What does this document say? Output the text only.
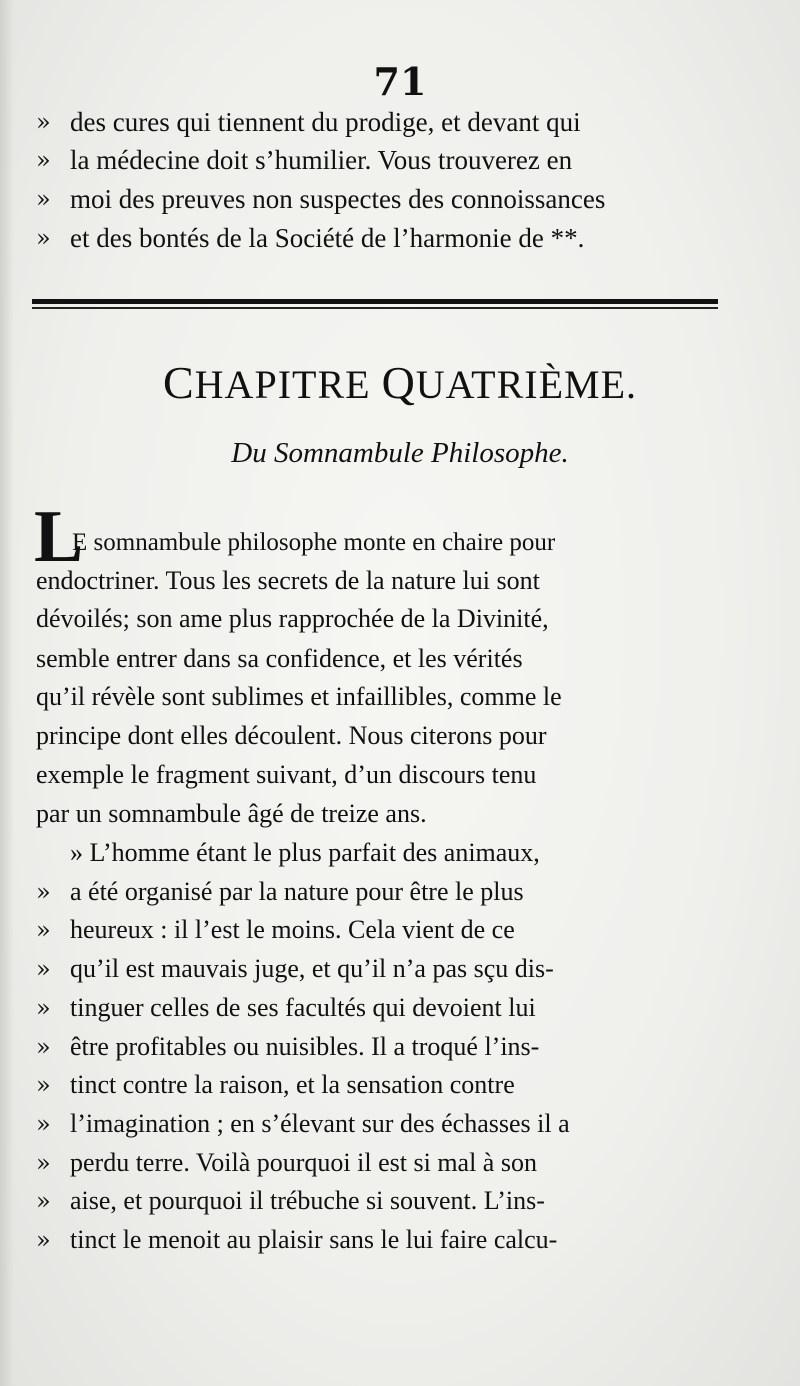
71
» des cures qui tiennent du prodige, et devant qui
» la médecine doit s’humilier. Vous trouverez en
» moi des preuves non suspectes des connoissances
» et des bontés de la Société de l’harmonie de **.
CHAPITRE QUATRIÈME.
Du Somnambule Philosophe.
L
E somnambule philosophe monte en chaire pour
endoctriner. Tous les secrets de la nature lui sont
dévoilés; son ame plus rapprochée de la Divinité,
semble entrer dans sa confidence, et les vérités
qu’il révèle sont sublimes et infaillibles, comme le
principe dont elles découlent. Nous citerons pour
exemple le fragment suivant, d’un discours tenu
par un somnambule âgé de treize ans.
» L’homme étant le plus parfait des animaux,
» a été organisé par la nature pour être le plus
» heureux : il l’est le moins. Cela vient de ce
» qu’il est mauvais juge, et qu’il n’a pas sçu dis-
» tinguer celles de ses facultés qui devoient lui
» être profitables ou nuisibles. Il a troqué l’ins-
» tinct contre la raison, et la sensation contre
» l’imagination ; en s’élevant sur des échasses il a
» perdu terre. Voilà pourquoi il est si mal à son
» aise, et pourquoi il trébuche si souvent. L’ins-
» tinct le menoit au plaisir sans le lui faire calcu-
